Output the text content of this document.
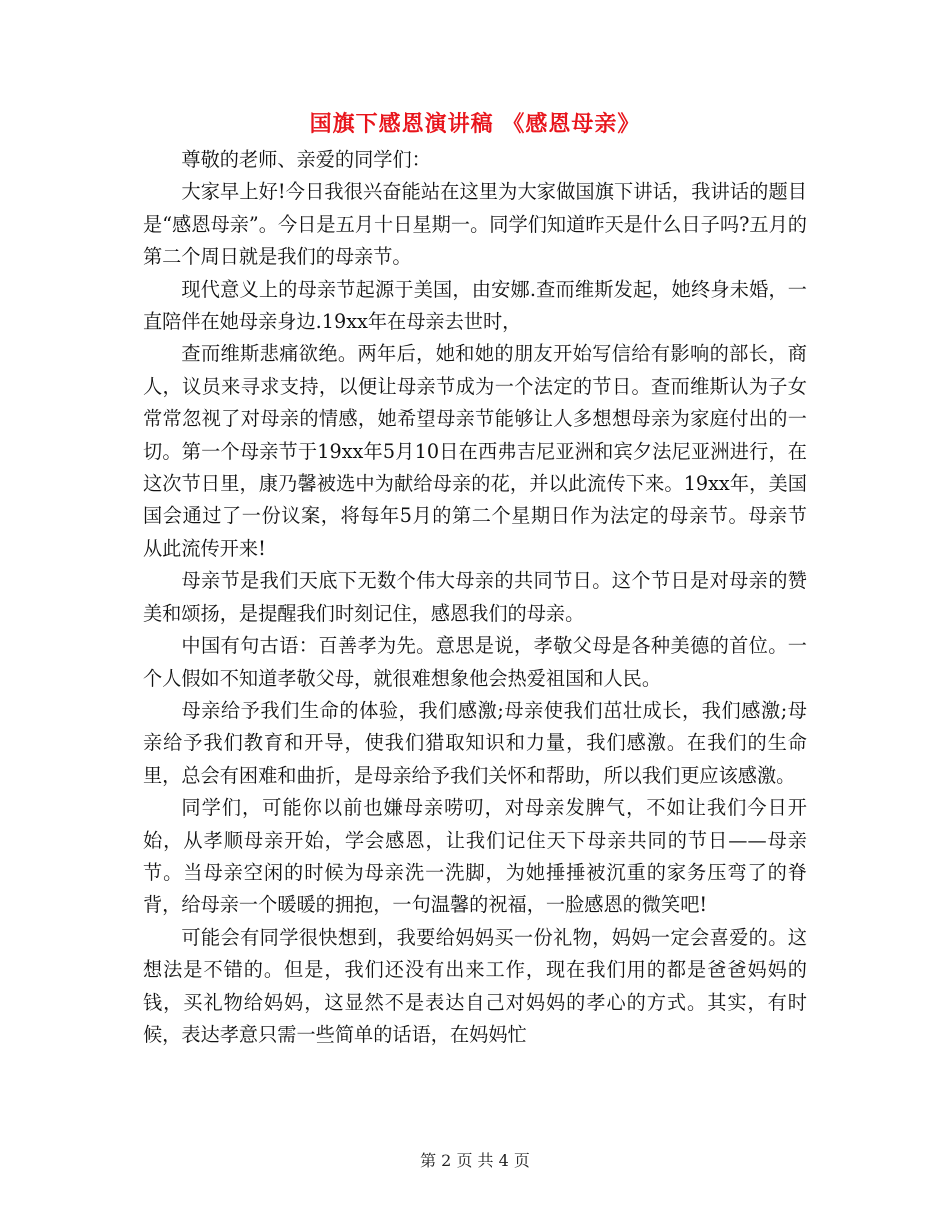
国旗下感恩演讲稿 《感恩母亲》

尊敬的老师、亲爱的同学们：

大家早上好!今日我很兴奋能站在这里为大家做国旗下讲话，我讲话的题目是“感恩母亲”。今日是五月十日星期一。同学们知道昨天是什么日子吗?五月的第二个周日就是我们的母亲节。

现代意义上的母亲节起源于美国，由安娜.查而维斯发起，她终身未婚，一直陪伴在她母亲身边.19xx年在母亲去世时，

查而维斯悲痛欲绝。两年后，她和她的朋友开始写信给有影响的部长，商人，议员来寻求支持，以便让母亲节成为一个法定的节日。查而维斯认为子女常常忽视了对母亲的情感，她希望母亲节能够让人多想想母亲为家庭付出的一切。第一个母亲节于19xx年5月10日在西弗吉尼亚洲和宾夕法尼亚洲进行，在这次节日里，康乃馨被选中为献给母亲的花，并以此流传下来。19xx年，美国国会通过了一份议案，将每年5月的第二个星期日作为法定的母亲节。母亲节从此流传开来!

母亲节是我们天底下无数个伟大母亲的共同节日。这个节日是对母亲的赞美和颂扬，是提醒我们时刻记住，感恩我们的母亲。

中国有句古语：百善孝为先。意思是说，孝敬父母是各种美德的首位。一个人假如不知道孝敬父母，就很难想象他会热爱祖国和人民。

母亲给予我们生命的体验，我们感激;母亲使我们茁壮成长，我们感激;母亲给予我们教育和开导，使我们猎取知识和力量，我们感激。在我们的生命里，总会有困难和曲折，是母亲给予我们关怀和帮助，所以我们更应该感激。

同学们，可能你以前也嫌母亲唠叨，对母亲发脾气，不如让我们今日开始，从孝顺母亲开始，学会感恩，让我们记住天下母亲共同的节日——母亲节。当母亲空闲的时候为母亲洗一洗脚，为她捶捶被沉重的家务压弯了的脊背，给母亲一个暖暖的拥抱，一句温馨的祝福，一脸感恩的微笑吧!

可能会有同学很快想到，我要给妈妈买一份礼物，妈妈一定会喜爱的。这想法是不错的。但是，我们还没有出来工作，现在我们用的都是爸爸妈妈的钱，买礼物给妈妈，这显然不是表达自己对妈妈的孝心的方式。其实，有时候，表达孝意只需一些简单的话语，在妈妈忙

第 2 页 共 4 页
